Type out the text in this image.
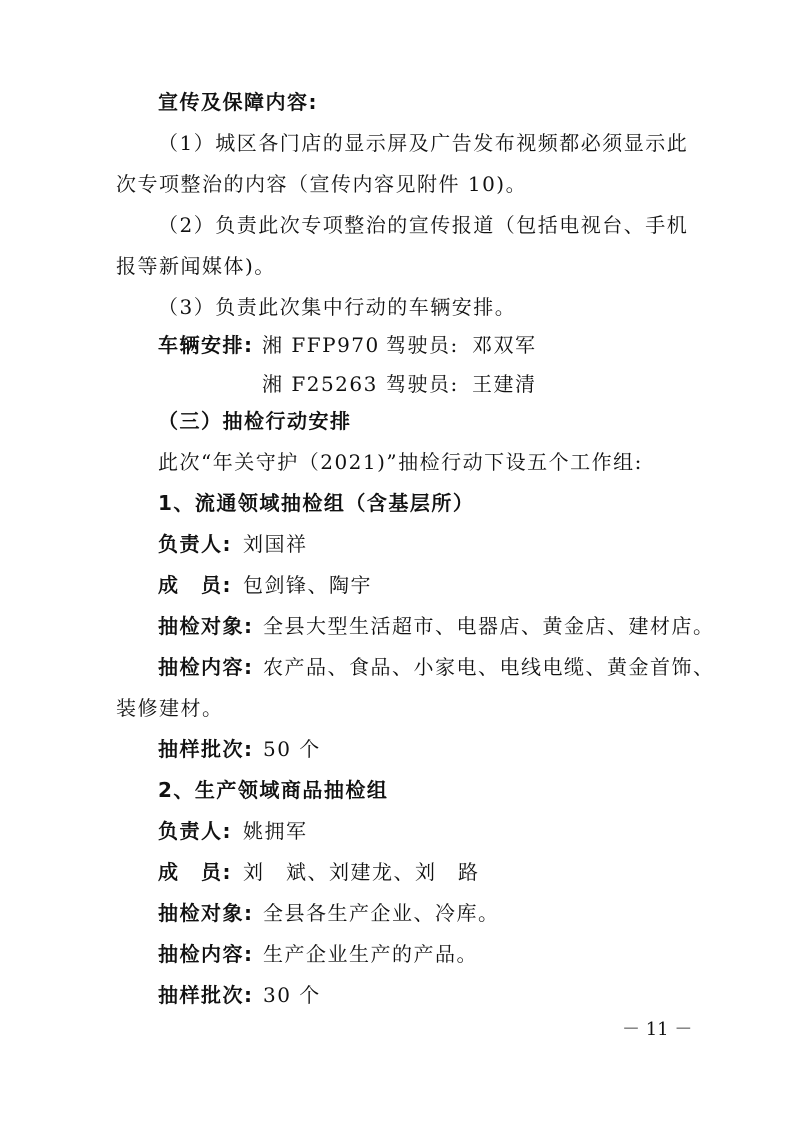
宣传及保障内容:
（1）城区各门店的显示屏及广告发布视频都必须显示此
次专项整治的内容（宣传内容见附件 10)。
（2）负责此次专项整治的宣传报道（包括电视台、手机
报等新闻媒体)。
（3）负责此次集中行动的车辆安排。
车辆安排: 湘 FFP970 驾驶员: 邓双军
湘 F25263 驾驶员: 王建清
（三）抽检行动安排
此次“年关守护（2021)”抽检行动下设五个工作组:
1、流通领域抽检组（含基层所）
负责人: 刘国祥
成　员: 包剑锋、陶宇
抽检对象: 全县大型生活超市、电器店、黄金店、建材店。
抽检内容: 农产品、食品、小家电、电线电缆、黄金首饰、
装修建材。
抽样批次: 50 个
2、生产领域商品抽检组
负责人: 姚拥军
成　员: 刘　斌、刘建龙、刘　路
抽检对象: 全县各生产企业、冷库。
抽检内容: 生产企业生产的产品。
抽样批次: 30 个
－ 11 －
